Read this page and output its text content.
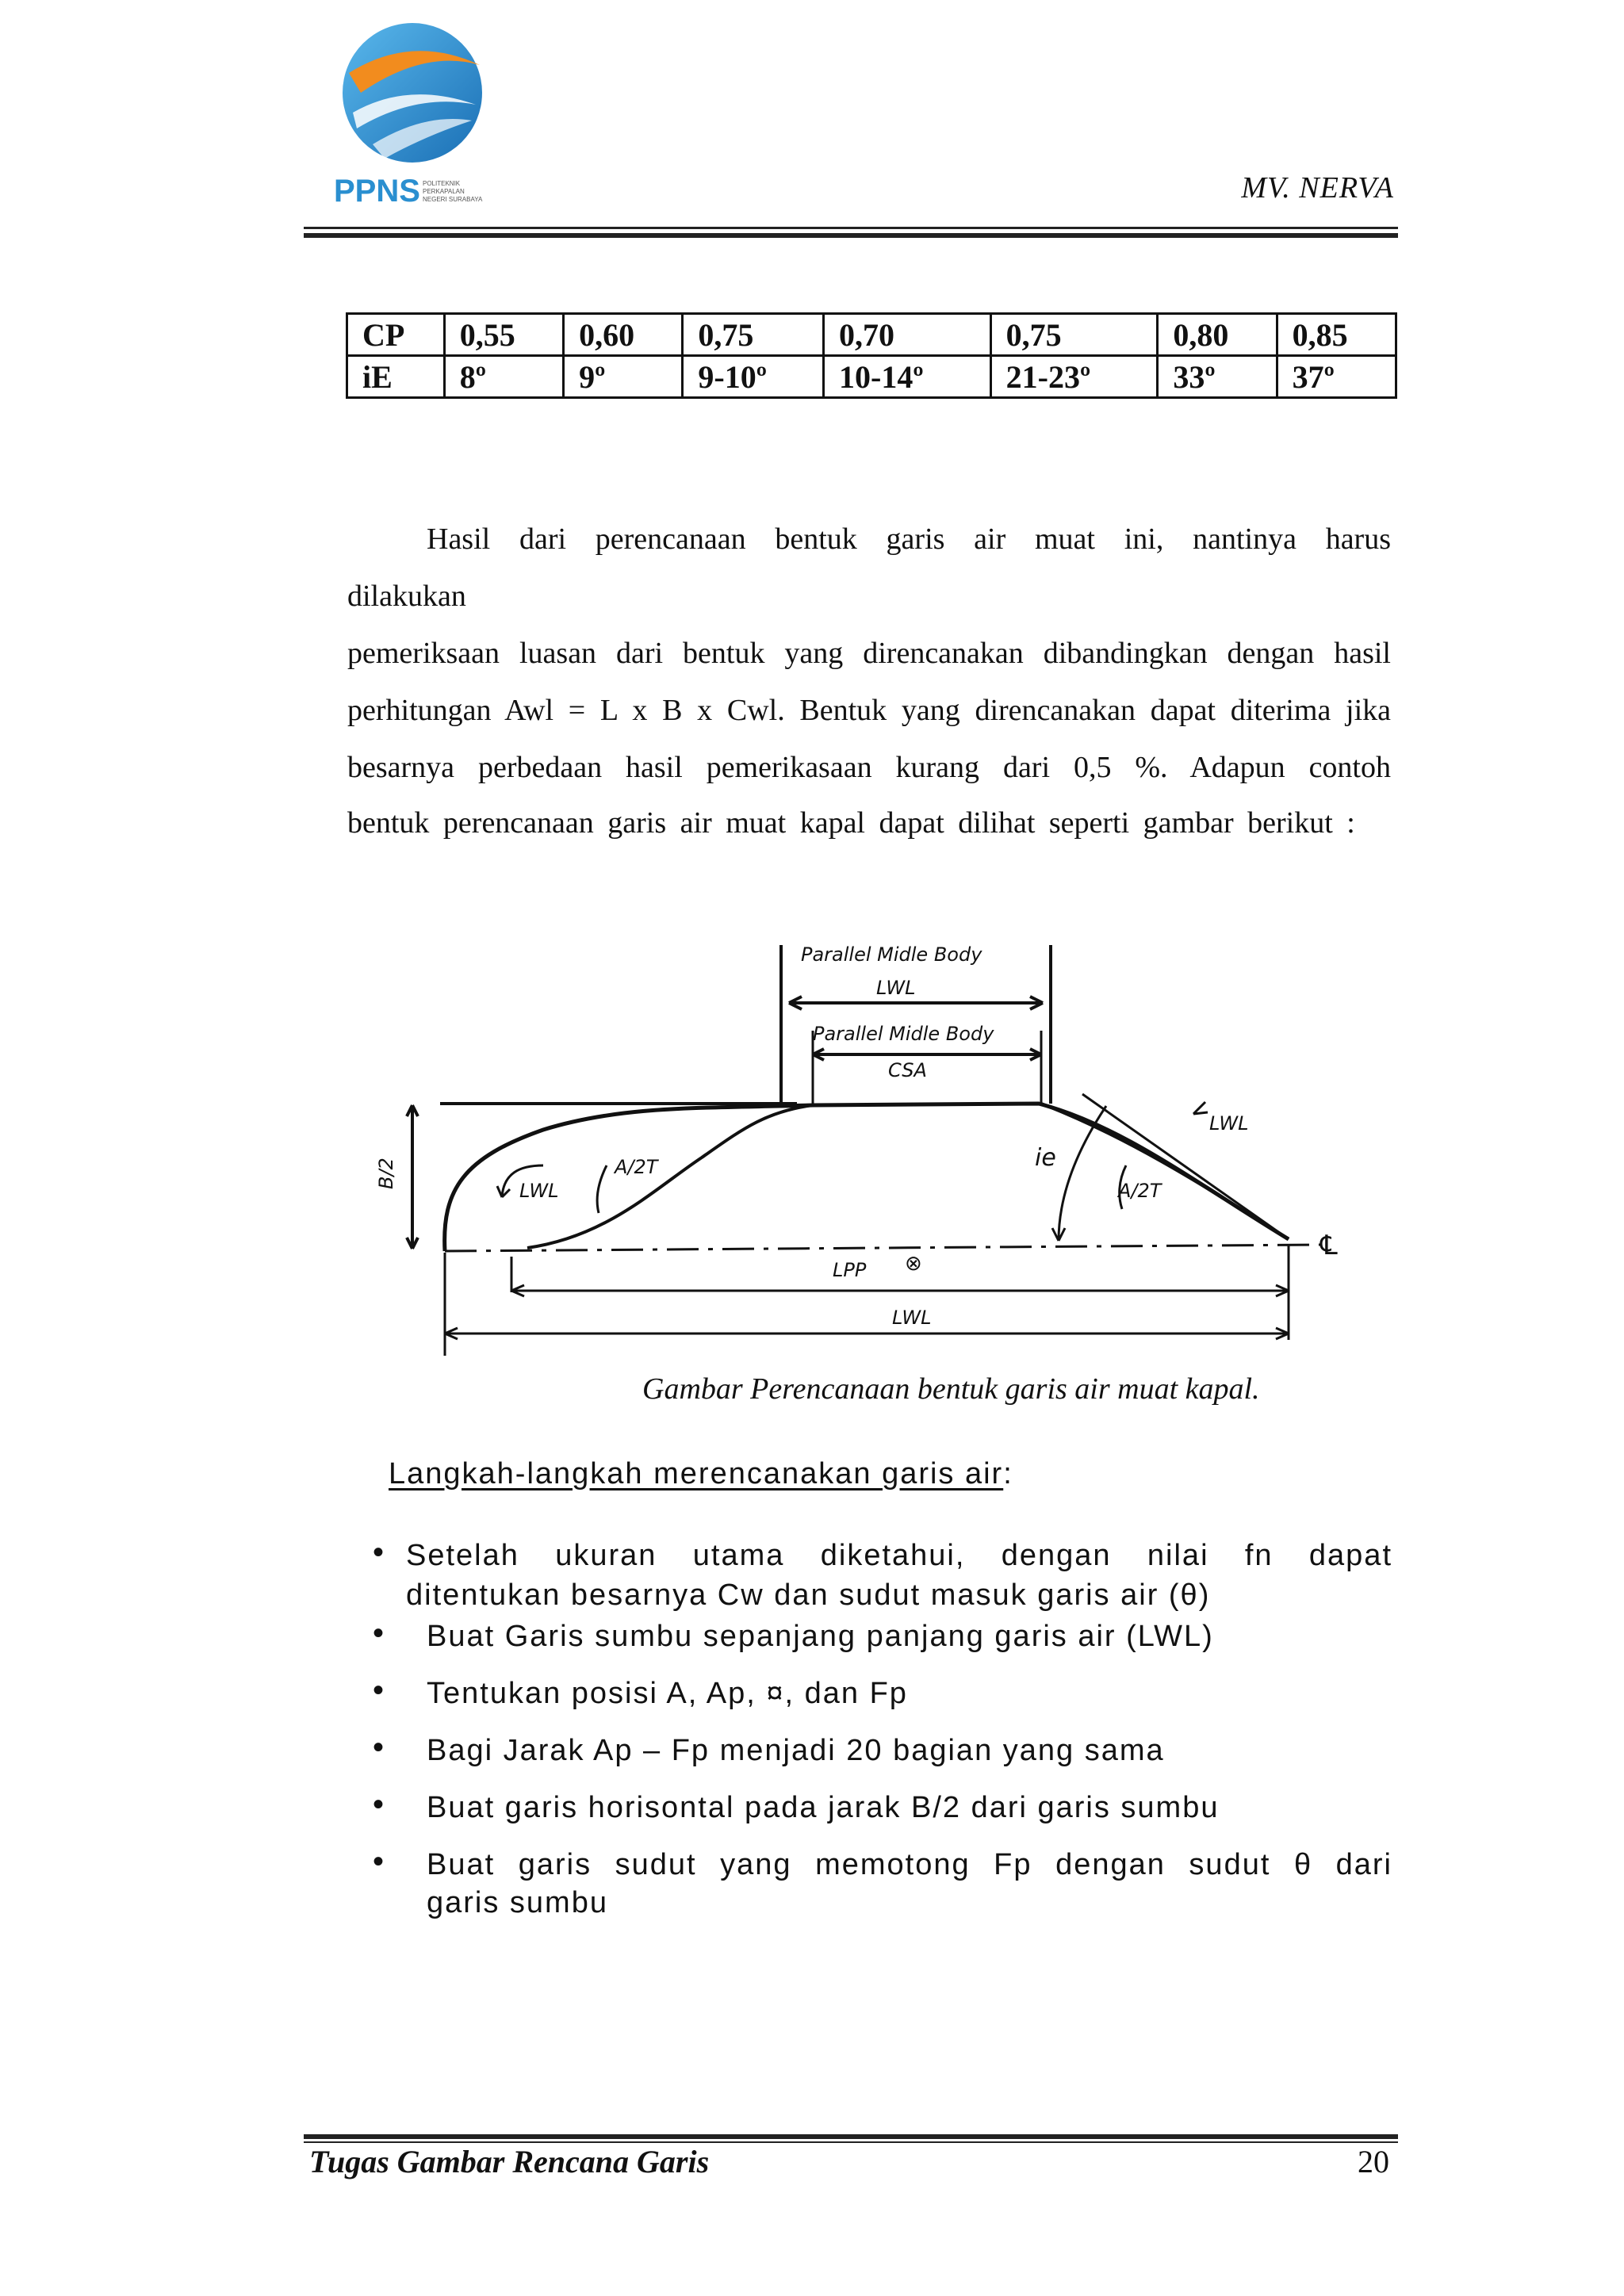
PPNS POLITEKNIK
PERKAPALAN
NEGERI SURABAYA	MV. NERVA
CP	0,55	0,60	0,75	0,70	0,75	0,80	0,85
iE	8º	9º	9-10º	10-14º	21-23º	33º	37º
Hasil dari perencanaan bentuk garis air muat ini, nantinya harus
dilakukan
pemeriksaan luasan dari bentuk yang direncanakan dibandingkan dengan hasil
perhitungan Awl = L x B x Cwl. Bentuk yang direncanakan dapat diterima jika
besarnya perbedaan hasil pemerikasaan kurang dari 0,5 %. Adapun contoh
bentuk perencanaan garis air muat kapal dapat dilihat seperti gambar berikut :
Parallel Midle Body
LWL
Parallel Midle Body
CSA
B/2
LWL
A/2T	ie
A/2T
LWL
℄
LPP ⊗
LWL
Gambar Perencanaan bentuk garis air muat kapal.
Langkah-langkah merencanakan garis air:
• Setelah ukuran utama diketahui, dengan nilai fn dapat
ditentukan besarnya Cw dan sudut masuk garis air (θ)
• Buat Garis sumbu sepanjang panjang garis air (LWL)
• Tentukan posisi A, Ap, ¤, dan Fp
• Bagi Jarak Ap – Fp menjadi 20 bagian yang sama
• Buat garis horisontal pada jarak B/2 dari garis sumbu
• Buat garis sudut yang memotong Fp dengan sudut θ dari
garis sumbu
Tugas Gambar Rencana Garis	20
